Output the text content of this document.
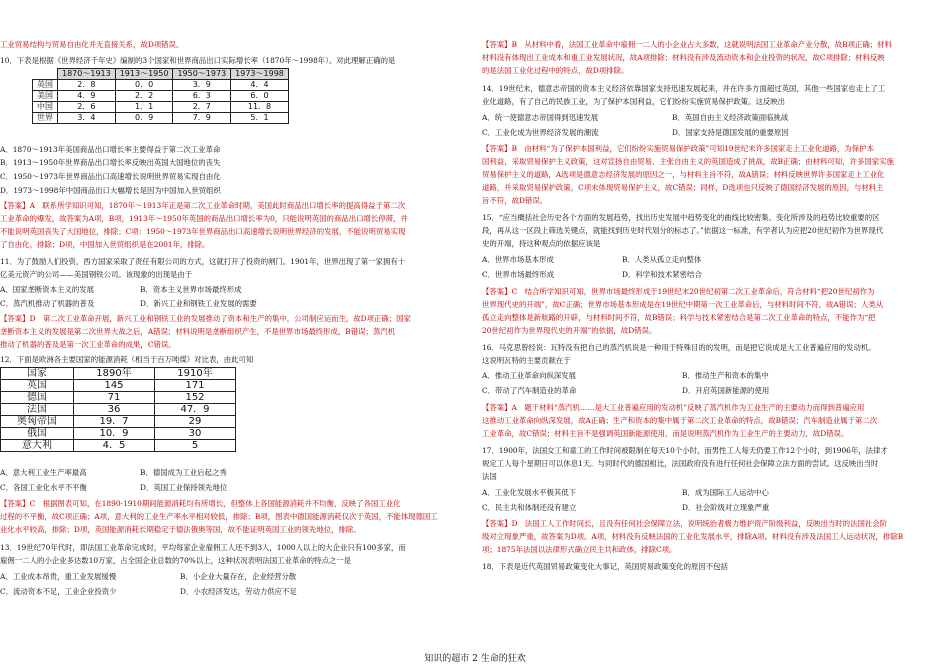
工业贸易结构与贸易自由化并无直接关系，故D项错误。
10．下表是根据《世界经济千年史》编制的3个国家和世界商品出口实际增长率（1870年～1998年）。对此理解正确的是
	1870～1913	1913～1950	1950～1973	1973～1998
英国	2．8	0．0	3．9	4．4
美国	4．9	2．2	6．3	6．0
中国	2．6	1．1	2．7	11．8
世界	3．4	0．9	7．9	5．1
A．1870～1913年美国商品出口增长率主要得益于第二次工业革命
B．1913～1950年世界商品出口增长率反映出英国大国地位的丧失
C．1950～1973年世界商品出口高速增长说明世界贸易实现自由化
D．1973～1998年中国商品出口大幅增长是因为中国加入世贸组织
【答案】A　联系所学知识可知，1870年～1913年正是第二次工业革命时期，美国此时商品出口增长率的提高得益于第二次
工业革命的爆发，故答案为A项，B项，1913年～1950年英国的商品出口增长率为0，只能说明英国的商品出口增长停滞，并
不能说明英国丧失了大国地位，排除；C项：1950～1973年世界商品出口高速增长说明世界经济的发展，不能说明贸易实现
了自由化，排除；D项，中国加入世贸组织是在2001年，排除。
11．为了鼓励人们投资，西方国家采取了责任有限公司的方式，这就打开了投资的闸门。1901年，世界出现了第一家拥有十
亿美元资产的公司——美国钢铁公司。该现象的出现是由于
A．国家垄断资本主义的发展	B．资本主义世界市场最终形成
C．蒸汽机推动了机器的普及	D．新兴工业和钢铁工业发展的需要
【答案】D　第二次工业革命开展，新兴工业和钢铁工业的发展推动了资本和生产的集中，公司制应运而生，故D项正确；国家
垄断资本主义的发展是第二次世界大战之后，A错误；材料说明是垄断组织产生，不是世界市场最终形成，B错误；蒸汽机
推动了机器的普及是第一次工业革命的成果，C错误。
12．下面是欧洲各主要国家的能源消耗（相当于百万吨煤）对比表，由此可知
国家	1890年	1910年
英国	145	171
德国	71	152
法国	36	47．9
奥匈帝国	19．7	29
俄国	10．9	30
意大利	4．5	5
A．意大利工业生产率最高	B．德国成为工业后起之秀
C．各国工业化水平不平衡	D．英国工业保持领先地位
【答案】C　根据图表可知，在1890-1910期间能源消耗均有所增长，但整体上各国能源消耗并不均衡，反映了各国工业化
过程的不平衡，故C项正确；A项，意大利的工业生产率水平相对较低，排除；B项，图表中德国能源消耗仅次于英国，不能体现德国工
业化水平较高，排除；D项，英国能源消耗长期稳定于德法俄奥等国，故不能证明英国工业的领先地位，排除。
13．19世纪70年代时，即法国工业革命完成时，平均每家企业雇佣工人还不到3人，1000人以上的大企业只有100多家，而
雇佣一二人的小企业多达数10万家，占全国企业总数的70%以上，这种状况表明法国工业革命的特点之一是
A．工业成本昂贵，重工业发展缓慢	B．小企业大量存在，企业经营分散
C．流动资本不足，工业企业投资少	D．小农经济发达，劳动力供应不足
【答案】B　从材料中看，法国工业革命中雇佣一二人的小企业占大多数，这就说明法国工业革命产业分散，故B项正确；材料
材料没有体现出工业成本和重工业发展状况，故A项排除；材料没有涉及流动资本和企业投资的状况，故C项排除；材料反映
的是法国工业化过程中的特点，故D项排除。
14．19世纪末，德意志帝国的资本主义经济依靠国家支持迅速发展起来，并在许多方面超过英国，其他一些国家也走上了工
业化道路，有了自己的民族工业，为了保护本国利益，它们纷纷实施贸易保护政策。这反映出
A．统一使德意志帝国得到迅速发展	B．英国自由主义经济政策面临挑战
C．工业化成为世界经济发展的潮流	D．国家支持是德国发展的重要原因
【答案】B　由材料“为了保护本国利益，它们纷纷实施贸易保护政策”可知19世纪末许多国家走上工业化道路，为保护本
国利益，采取贸易保护主义政策，这对宣扬自由贸易、主张自由主义的英国造成了挑战，故B正确；由材料可知，许多国家实施
贸易保护主义的道路，A选项是德意志经济发展的原因之一，与材料主旨不符，故A错误；材料反映世界许多国家走上工业化
道路，并采取贸易保护政策，C项未体现贸易保护主义，故C错误；同样，D选项也只反映了德国经济发展的原因，与材料主
旨不符，故D错误。
15．“应当概括社会历史各个方面的发展趋势，找出历史发展中趋势变化的曲线比较密集、变化所涉及的趋势比较重要的区
段，再从这一区段上筛选关键点，就能找到历史时代划分的标志了。”依据这一标准，有学者认为应把20世纪初作为世界现代
史的开端，持这种观点的依据应该是
A．世界市场基本形成	B．人类从孤立走向整体
C．世界市场最终形成	D．科学和技术紧密结合
【答案】C　结合所学知识可知，世界市场最终形成于19世纪末20世纪初第二次工业革命后，符合材料“把20世纪初作为
世界现代史的开端”，故C正确；世界市场基本形成是在19世纪中期第一次工业革命后，与材料时间不符，故A错误；人类从
孤立走向整体是新航路的开辟，与材料时间不符，故B错误；科学与技术紧密结合是第二次工业革命的特点，不能作为“把
20世纪初作为世界现代史的开端”的依据，故D错误。
16．马克思曾经说：瓦特没有把自己的蒸汽机说是一种用于特殊目的的发明，而是把它说成是大工业普遍应用的发动机。
这说明瓦特的主要贡献在于
A．推动工业革命向纵深发展	B．推动生产和资本的集中
C．带动了汽车制造业的革命	D．开启英国新能源的使用
【答案】A　题干材料“蒸汽机……是大工业普遍应用的发动机”反映了蒸汽机作为工业生产的主要动力而得到普遍应用
这推动工业革命向纵深发展，故A正确；生产和资本的集中属于第二次工业革命的特点，故B错误；汽车制造业属于第二次
工业革命，故C错误；材料主旨不是强调英国新能源使用，而是说明蒸汽机作为工业生产的主要动力，故D错误。
17．1900年，法国女工和童工的工作时间被限制在每天10个小时，而男性工人每天仍要工作12个小时，到1906年，法律才
规定工人每个星期日可以休息1天。与同时代的德国相比，法国政府没有进行任何社会保障立法方面的尝试。这反映出当时
法国
A．工业化发展水平极其低下	B．成为国际工人运动中心
C．民主共和体制还没有建立	D．社会阶级对立现象严重
【答案】D　法国工人工作时间长，且没有任何社会保障立法，说明统治者极力维护资产阶级利益，反映出当时的法国社会阶
级对立现象严重，故答案为D项。A项，材料没有反映法国的工业化发展水平，排除A项。材料没有涉及法国工人运动状况，排除B
项；1875年法国以法律形式确立民主共和政体，排除C项。
18．下表是近代英国贸易政策变化大事记，英国贸易政策变化的原因不包括
知识的超市 2 生命的狂欢
